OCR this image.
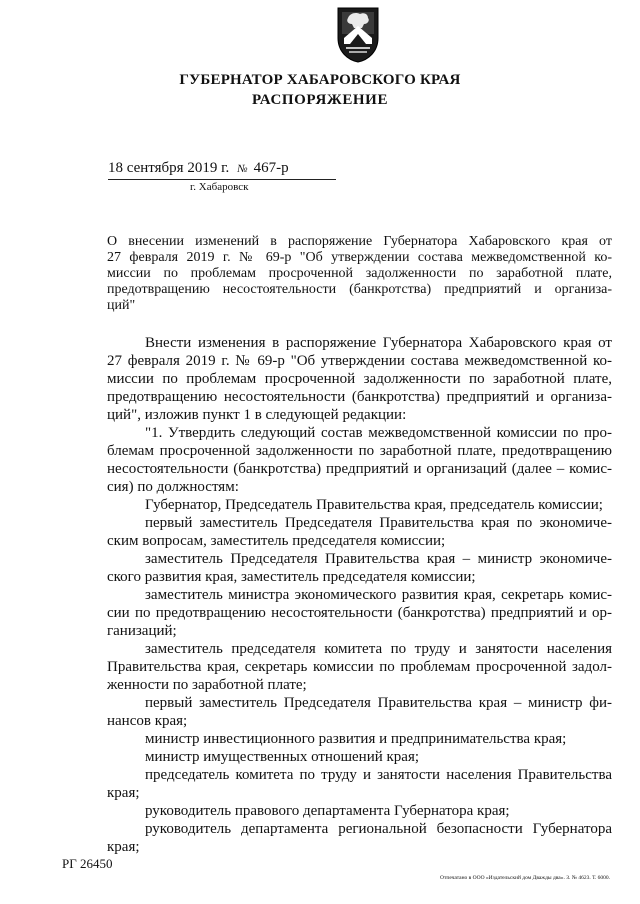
ГУБЕРНАТОР ХАБАРОВСКОГО КРАЯ
РАСПОРЯЖЕНИЕ
18 сентября 2019 г. № 467-р
г. Хабаровск
О внесении изменений в распоряжение Губернатора Хабаровского края от
27 февраля 2019 г. № 69-р "Об утверждении состава межведомственной ко-
миссии по проблемам просроченной задолженности по заработной плате,
предотвращению несостоятельности (банкротства) предприятий и организа-
ций"
Внести изменения в распоряжение Губернатора Хабаровского края от
27 февраля 2019 г. № 69-р "Об утверждении состава межведомственной ко-
миссии по проблемам просроченной задолженности по заработной плате,
предотвращению несостоятельности (банкротства) предприятий и организа-
ций", изложив пункт 1 в следующей редакции:
"1. Утвердить следующий состав межведомственной комиссии по про-
блемам просроченной задолженности по заработной плате, предотвращению
несостоятельности (банкротства) предприятий и организаций (далее – комис-
сия) по должностям:
Губернатор, Председатель Правительства края, председатель комиссии;
первый заместитель Председателя Правительства края по экономиче-
ским вопросам, заместитель председателя комиссии;
заместитель Председателя Правительства края – министр экономиче-
ского развития края, заместитель председателя комиссии;
заместитель министра экономического развития края, секретарь комис-
сии по предотвращению несостоятельности (банкротства) предприятий и ор-
ганизаций;
заместитель председателя комитета по труду и занятости населения
Правительства края, секретарь комиссии по проблемам просроченной задол-
женности по заработной плате;
первый заместитель Председателя Правительства края – министр фи-
нансов края;
министр инвестиционного развития и предпринимательства края;
министр имущественных отношений края;
председатель комитета по труду и занятости населения Правительства
края;
руководитель правового департамента Губернатора края;
руководитель департамента региональной безопасности Губернатора
края;
РГ 26450
Отпечатано в ООО «Издательский дом Дважды два». З. № 4623. Т. 6000.
